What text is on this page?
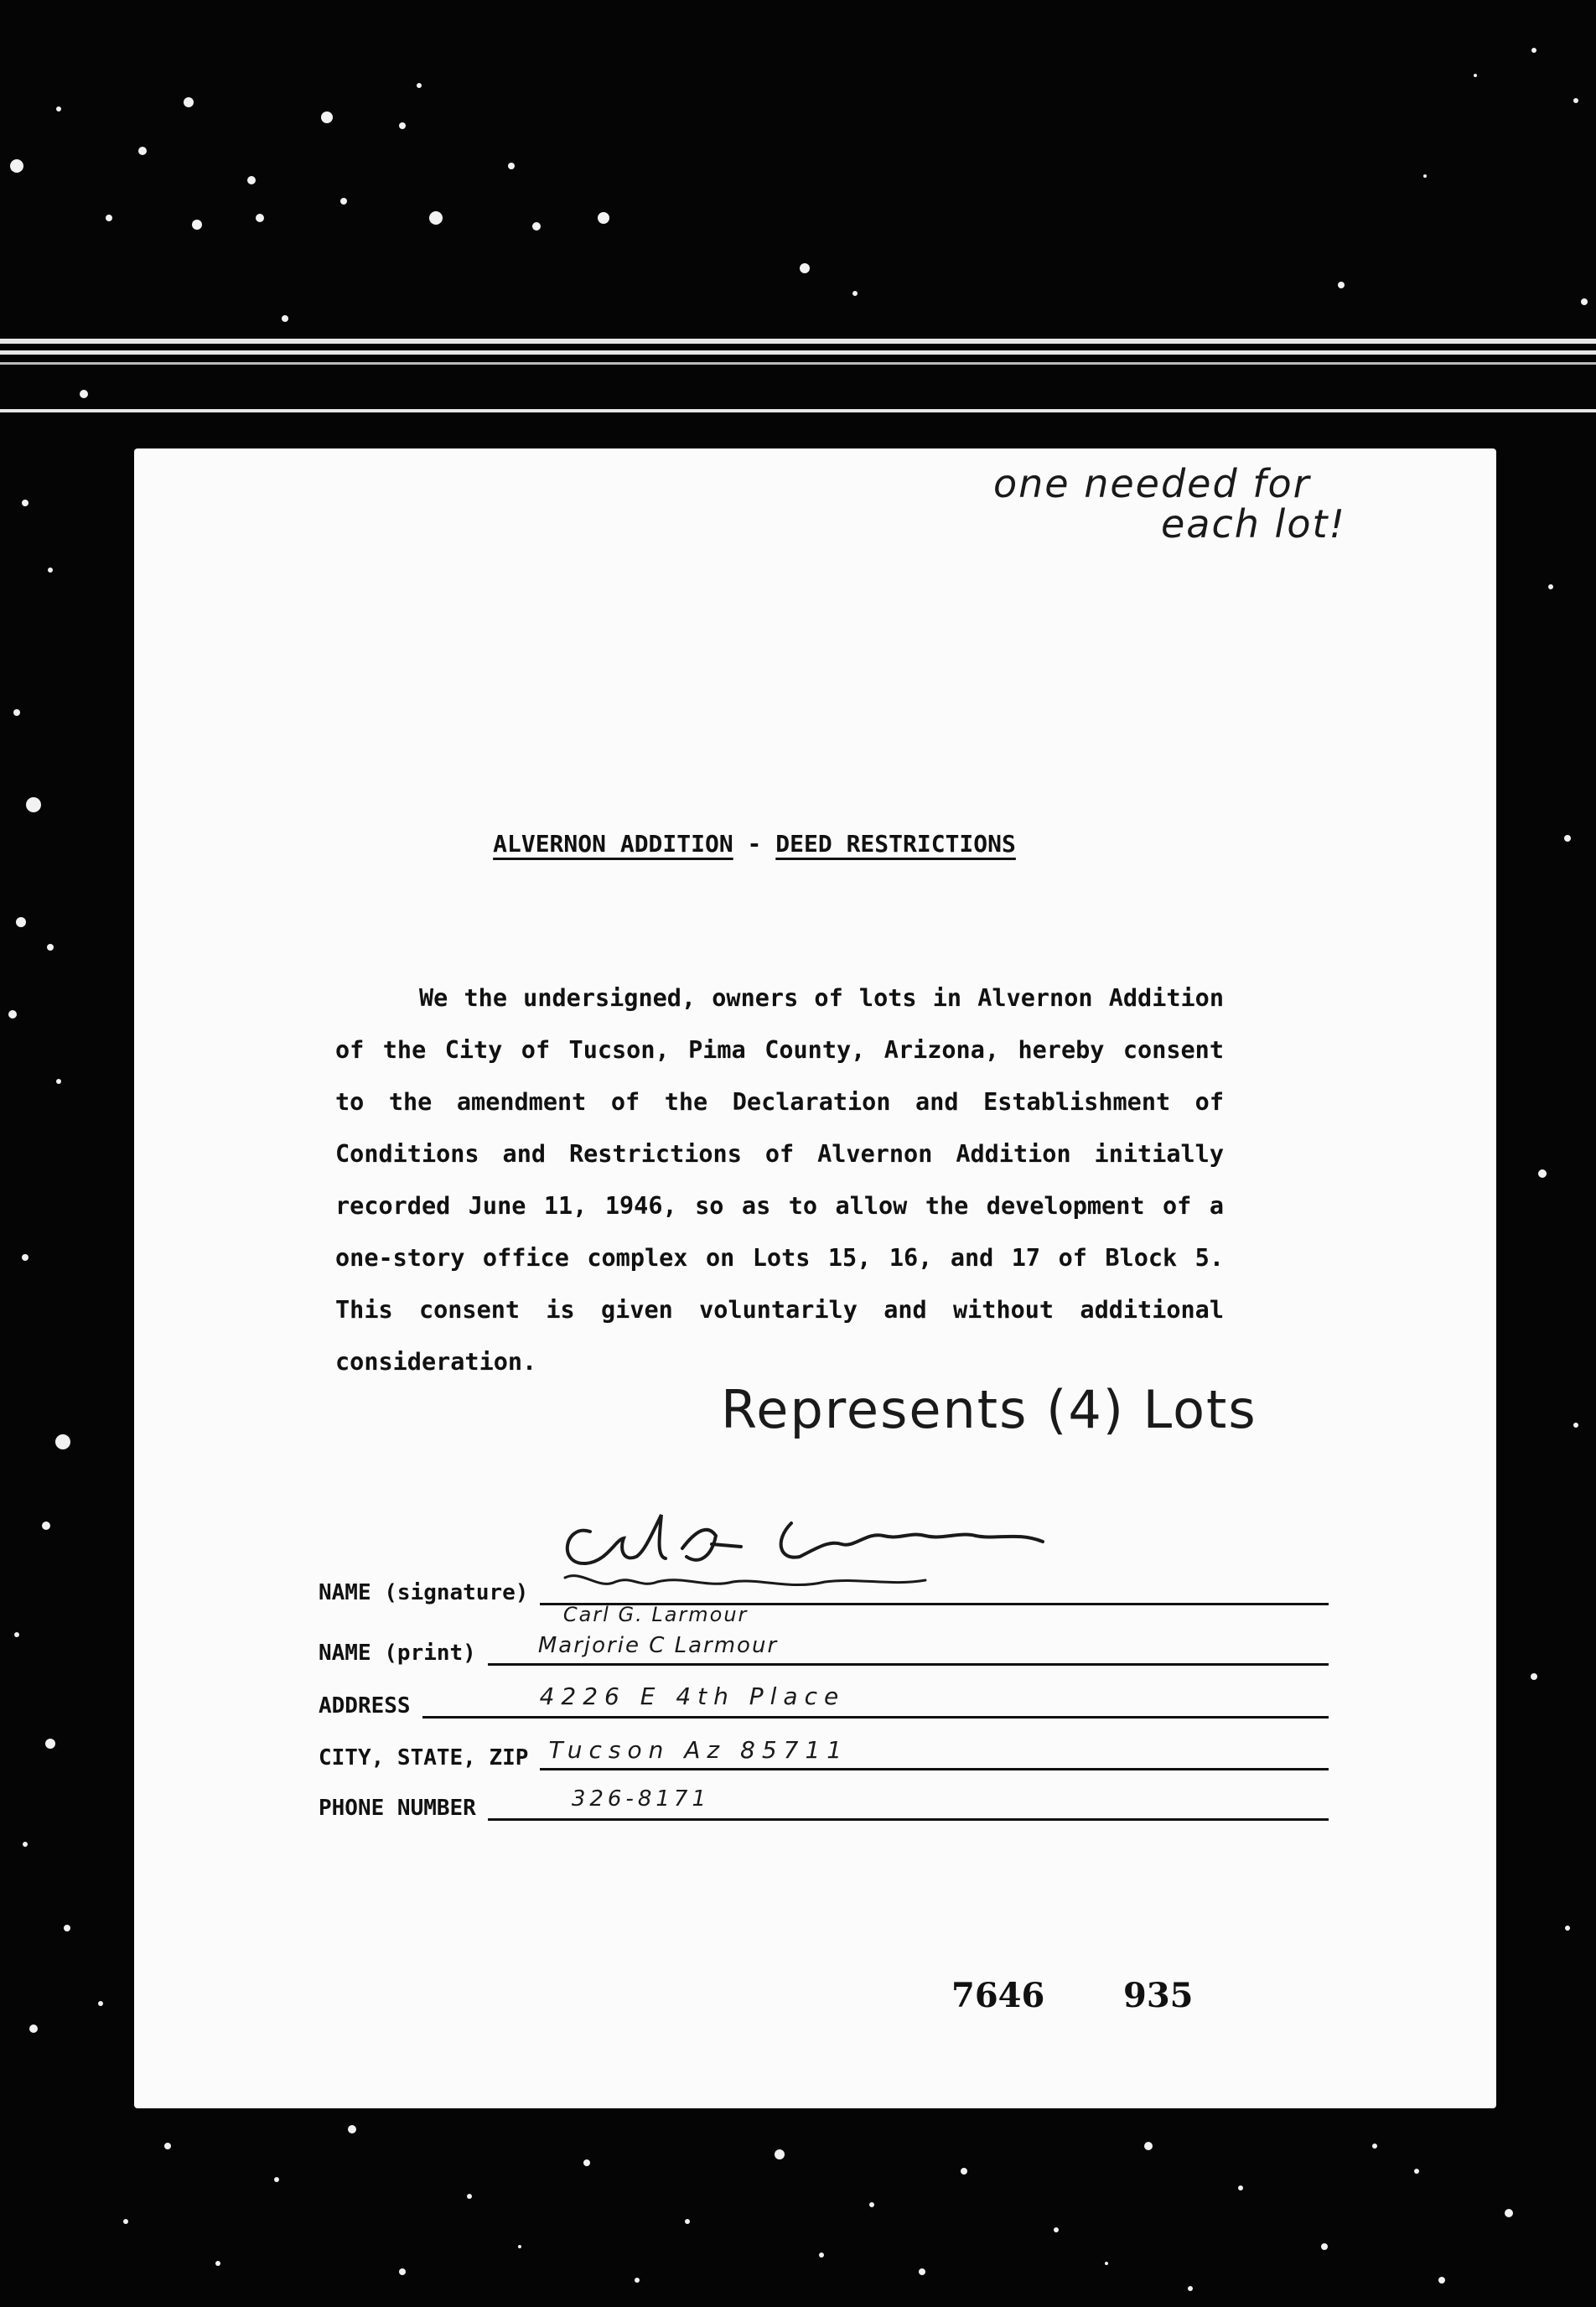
one needed for
each lot!
ALVERNON ADDITION - DEED RESTRICTIONS
We the undersigned, owners of lots in Alvernon Addition of the City of Tucson, Pima County, Arizona, hereby consent to the amendment of the Declaration and Establishment of Conditions and Restrictions of Alvernon Addition initially recorded June 11, 1946, so as to allow the development of a one-story office complex on Lots 15, 16, and 17 of Block 5. This consent is given voluntarily and without additional consideration.
Represents (4) Lots
NAME (signature)
NAME (print)
Carl G. Larmour
Marjorie C Larmour
ADDRESS	4226 E 4th Place
CITY, STATE, ZIP Tucson Az 85711
PHONE NUMBER	326-8171
7646 935
